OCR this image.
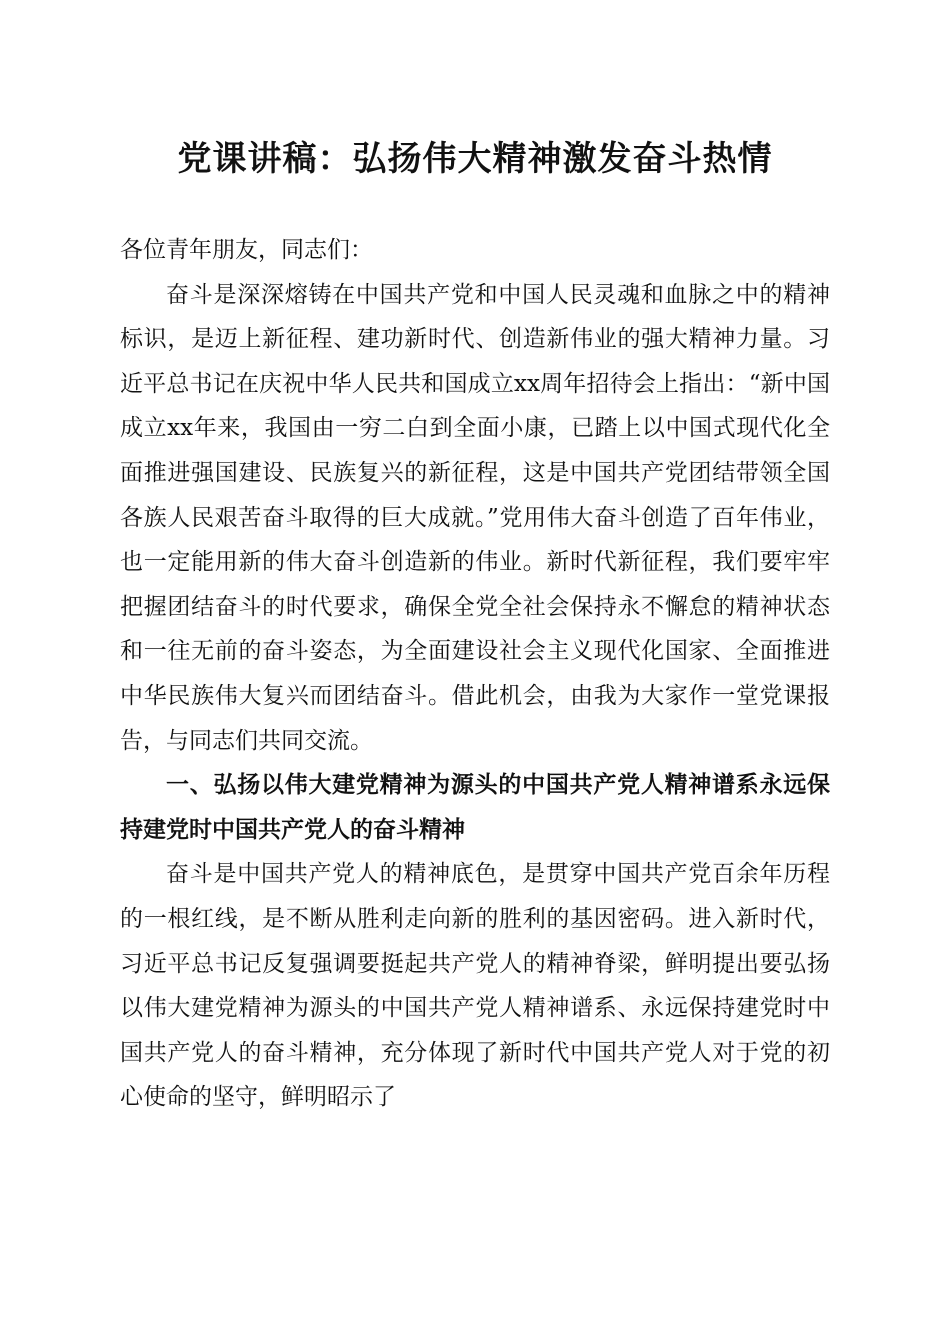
党课讲稿：弘扬伟大精神激发奋斗热情

各位青年朋友，同志们：

奋斗是深深熔铸在中国共产党和中国人民灵魂和血脉之中的精神标识，是迈上新征程、建功新时代、创造新伟业的强大精神力量。习近平总书记在庆祝中华人民共和国成立xx周年招待会上指出：“新中国成立xx年来，我国由一穷二白到全面小康，已踏上以中国式现代化全面推进强国建设、民族复兴的新征程，这是中国共产党团结带领全国各族人民艰苦奋斗取得的巨大成就。”党用伟大奋斗创造了百年伟业，也一定能用新的伟大奋斗创造新的伟业。新时代新征程，我们要牢牢把握团结奋斗的时代要求，确保全党全社会保持永不懈怠的精神状态和一往无前的奋斗姿态，为全面建设社会主义现代化国家、全面推进中华民族伟大复兴而团结奋斗。借此机会，由我为大家作一堂党课报告，与同志们共同交流。

一、弘扬以伟大建党精神为源头的中国共产党人精神谱系永远保持建党时中国共产党人的奋斗精神

奋斗是中国共产党人的精神底色，是贯穿中国共产党百余年历程的一根红线，是不断从胜利走向新的胜利的基因密码。进入新时代，习近平总书记反复强调要挺起共产党人的精神脊梁，鲜明提出要弘扬以伟大建党精神为源头的中国共产党人精神谱系、永远保持建党时中国共产党人的奋斗精神，充分体现了新时代中国共产党人对于党的初心使命的坚守，鲜明昭示了
